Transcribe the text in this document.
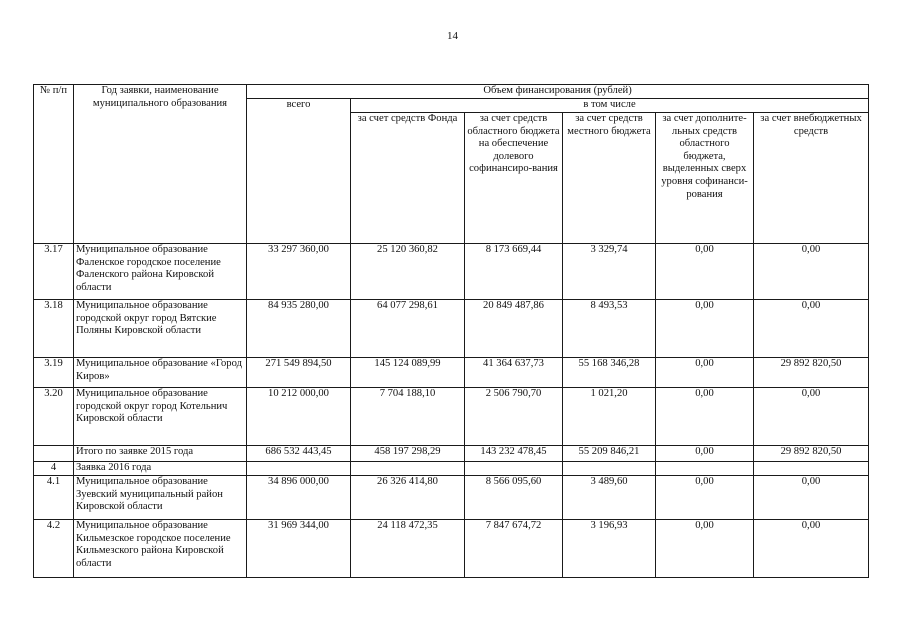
14
№ п/п	Год заявки, наименование муниципального образования	Объем финансирования (рублей)					
		всего	в том числе				
			за счет средств Фонда	за счет средств областного бюджета на обеспечение долевого софинансиро-вания	за счет средств местного бюджета	за счет дополните-льных средств областного бюджета, выделенных сверх уровня софинанси-рования	за счет внебюджетных средств
3.17	Муниципальное образование Фаленское городское поселение Фаленского района Кировской области	33 297 360,00	25 120 360,82	8 173 669,44	3 329,74	0,00	0,00
3.18	Муниципальное образование городской округ город Вятские Поляны Кировской области	84 935 280,00	64 077 298,61	20 849 487,86	8 493,53	0,00	0,00
3.19	Муниципальное образование «Город Киров»	271 549 894,50	145 124 089,99	41 364 637,73	55 168 346,28	0,00	29 892 820,50
3.20	Муниципальное образование городской округ город Котельнич Кировской области	10 212 000,00	7 704 188,10	2 506 790,70	1 021,20	0,00	0,00
	Итого по заявке 2015 года	686 532 443,45	458 197 298,29	143 232 478,45	55 209 846,21	0,00	29 892 820,50
4	Заявка 2016 года						
4.1	Муниципальное образование Зуевский муниципальный район Кировской области	34 896 000,00	26 326 414,80	8 566 095,60	3 489,60	0,00	0,00
4.2	Муниципальное образование Кильмезское городское поселение Кильмезского района Кировской области	31 969 344,00	24 118 472,35	7 847 674,72	3 196,93	0,00	0,00
